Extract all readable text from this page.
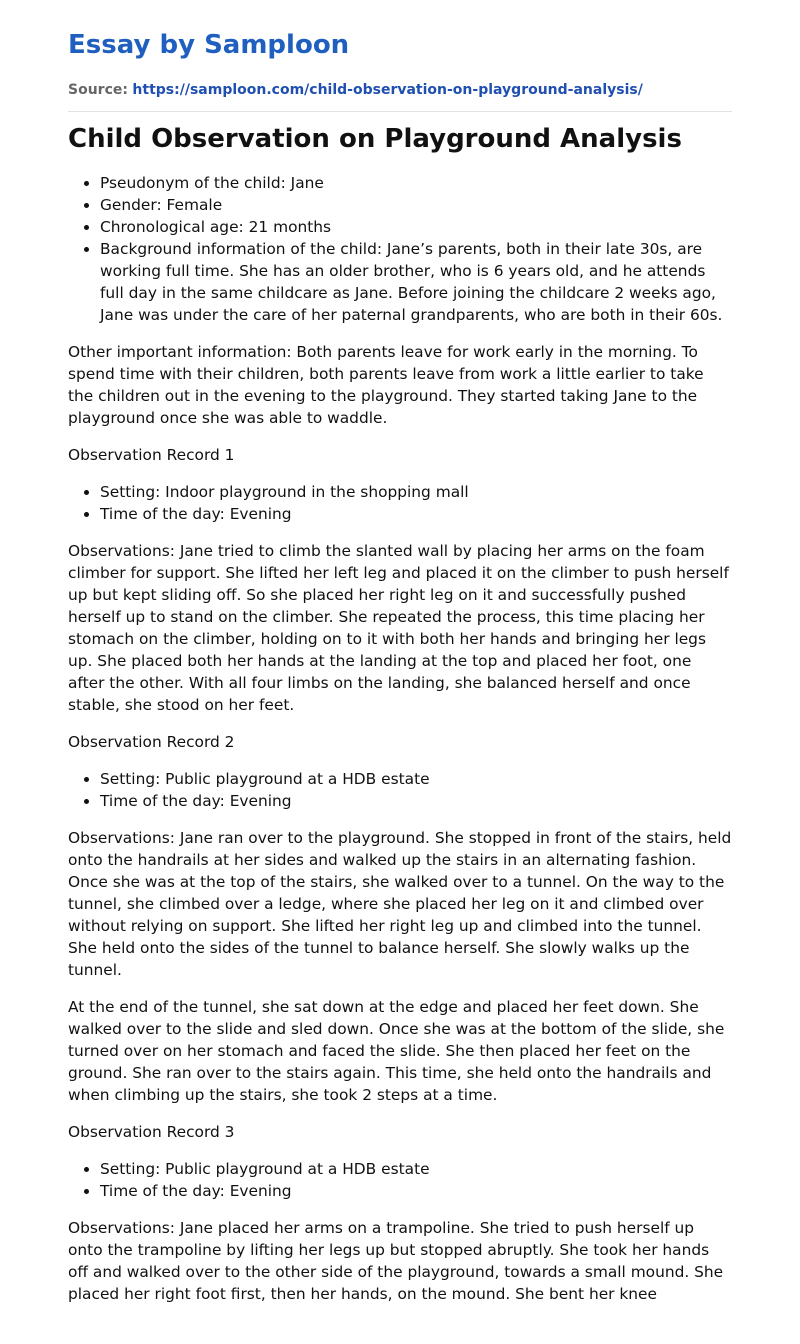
Essay by Samploon
Source: https://samploon.com/child-observation-on-playground-analysis/
Child Observation on Playground Analysis
• Pseudonym of the child: Jane
• Gender: Female
• Chronological age: 21 months
• Background information of the child: Jane’s parents, both in their late 30s, are working full time. She has an older brother, who is 6 years old, and he attends full day in the same childcare as Jane. Before joining the childcare 2 weeks ago, Jane was under the care of her paternal grandparents, who are both in their 60s.

Other important information: Both parents leave for work early in the morning. To spend time with their children, both parents leave from work a little earlier to take the children out in the evening to the playground. They started taking Jane to the playground once she was able to waddle.

Observation Record 1

• Setting: Indoor playground in the shopping mall
• Time of the day: Evening

Observations: Jane tried to climb the slanted wall by placing her arms on the foam climber for support. She lifted her left leg and placed it on the climber to push herself up but kept sliding off. So she placed her right leg on it and successfully pushed herself up to stand on the climber. She repeated the process, this time placing her stomach on the climber, holding on to it with both her hands and bringing her legs up. She placed both her hands at the landing at the top and placed her foot, one after the other. With all four limbs on the landing, she balanced herself and once stable, she stood on her feet.

Observation Record 2

• Setting: Public playground at a HDB estate
• Time of the day: Evening

Observations: Jane ran over to the playground. She stopped in front of the stairs, held onto the handrails at her sides and walked up the stairs in an alternating fashion. Once she was at the top of the stairs, she walked over to a tunnel. On the way to the tunnel, she climbed over a ledge, where she placed her leg on it and climbed over without relying on support. She lifted her right leg up and climbed into the tunnel. She held onto the sides of the tunnel to balance herself. She slowly walks up the tunnel.

At the end of the tunnel, she sat down at the edge and placed her feet down. She walked over to the slide and sled down. Once she was at the bottom of the slide, she turned over on her stomach and faced the slide. She then placed her feet on the ground. She ran over to the stairs again. This time, she held onto the handrails and when climbing up the stairs, she took 2 steps at a time.

Observation Record 3

• Setting: Public playground at a HDB estate
• Time of the day: Evening

Observations: Jane placed her arms on a trampoline. She tried to push herself up onto the trampoline by lifting her legs up but stopped abruptly. She took her hands off and walked over to the other side of the playground, towards a small mound. She placed her right foot first, then her hands, on the mound. She bent her knee
